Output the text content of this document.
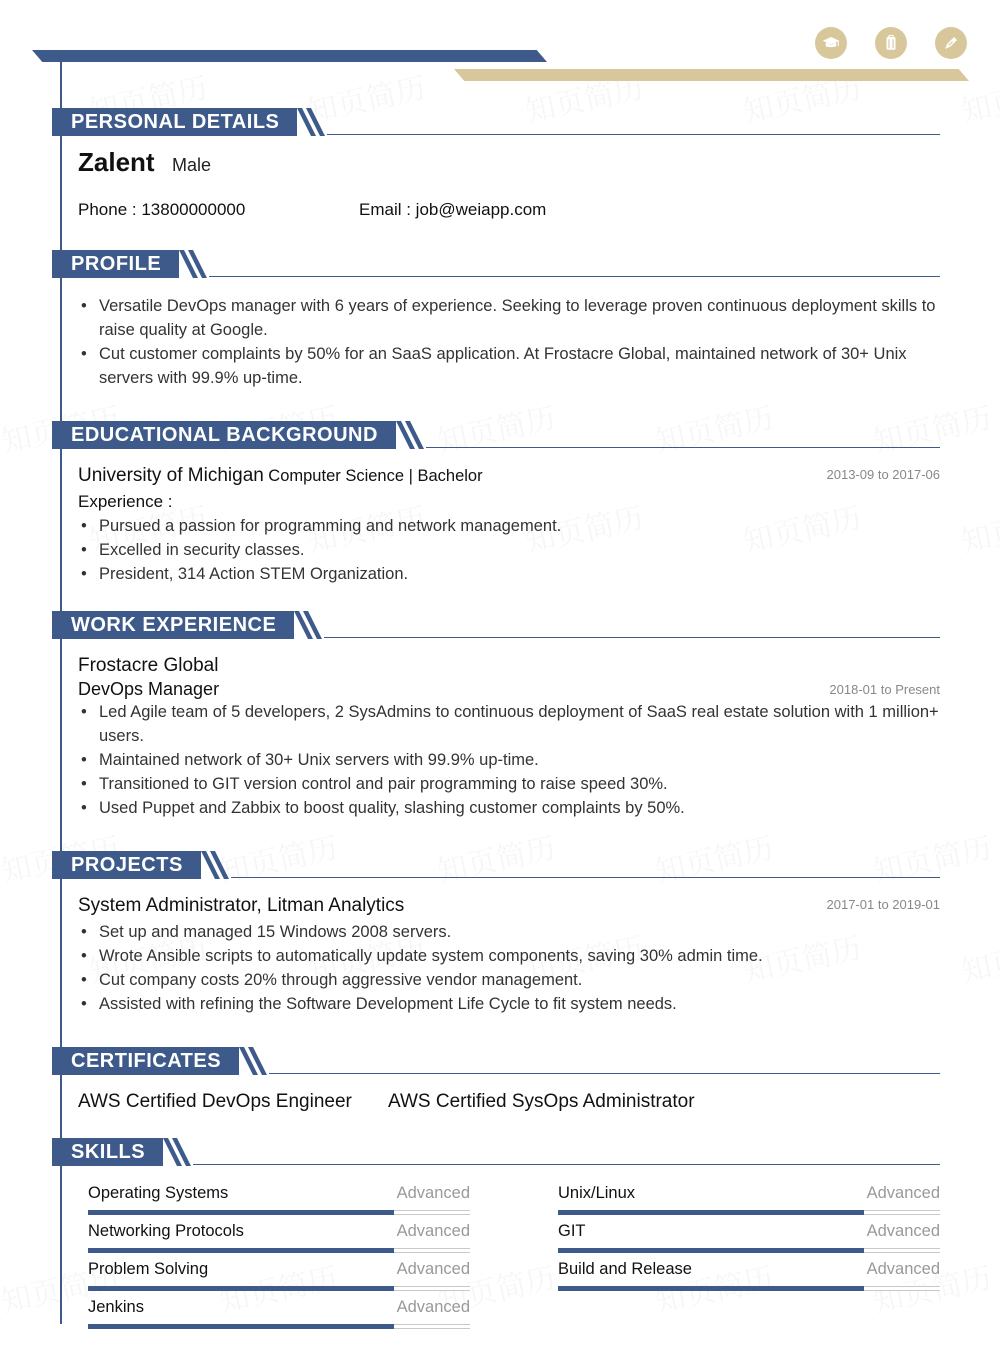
PERSONAL DETAILS
Zalent Male
Phone : 13800000000	Email : job@weiapp.com
PROFILE
• Versatile DevOps manager with 6 years of experience. Seeking to leverage proven continuous deployment skills to raise quality at Google.
• Cut customer complaints by 50% for an SaaS application. At Frostacre Global, maintained network of 30+ Unix servers with 99.9% up-time.
EDUCATIONAL BACKGROUND
University of Michigan Computer Science | Bachelor	2013-09 to 2017-06
Experience :
• Pursued a passion for programming and network management.
• Excelled in security classes.
• President, 314 Action STEM Organization.
WORK EXPERIENCE
Frostacre Global
DevOps Manager	2018-01 to Present
• Led Agile team of 5 developers, 2 SysAdmins to continuous deployment of SaaS real estate solution with 1 million+ users.
• Maintained network of 30+ Unix servers with 99.9% up-time.
• Transitioned to GIT version control and pair programming to raise speed 30%.
• Used Puppet and Zabbix to boost quality, slashing customer complaints by 50%.
PROJECTS
System Administrator, Litman Analytics	2017-01 to 2019-01
• Set up and managed 15 Windows 2008 servers.
• Wrote Ansible scripts to automatically update system components, saving 30% admin time.
• Cut company costs 20% through aggressive vendor management.
• Assisted with refining the Software Development Life Cycle to fit system needs.
CERTIFICATES
AWS Certified DevOps Engineer AWS Certified SysOps Administrator
SKILLS
Operating Systems	Advanced	Unix/Linux	Advanced
Networking Protocols	Advanced	GIT	Advanced
Problem Solving	Advanced	Build and Release	Advanced
Jenkins	Advanced
